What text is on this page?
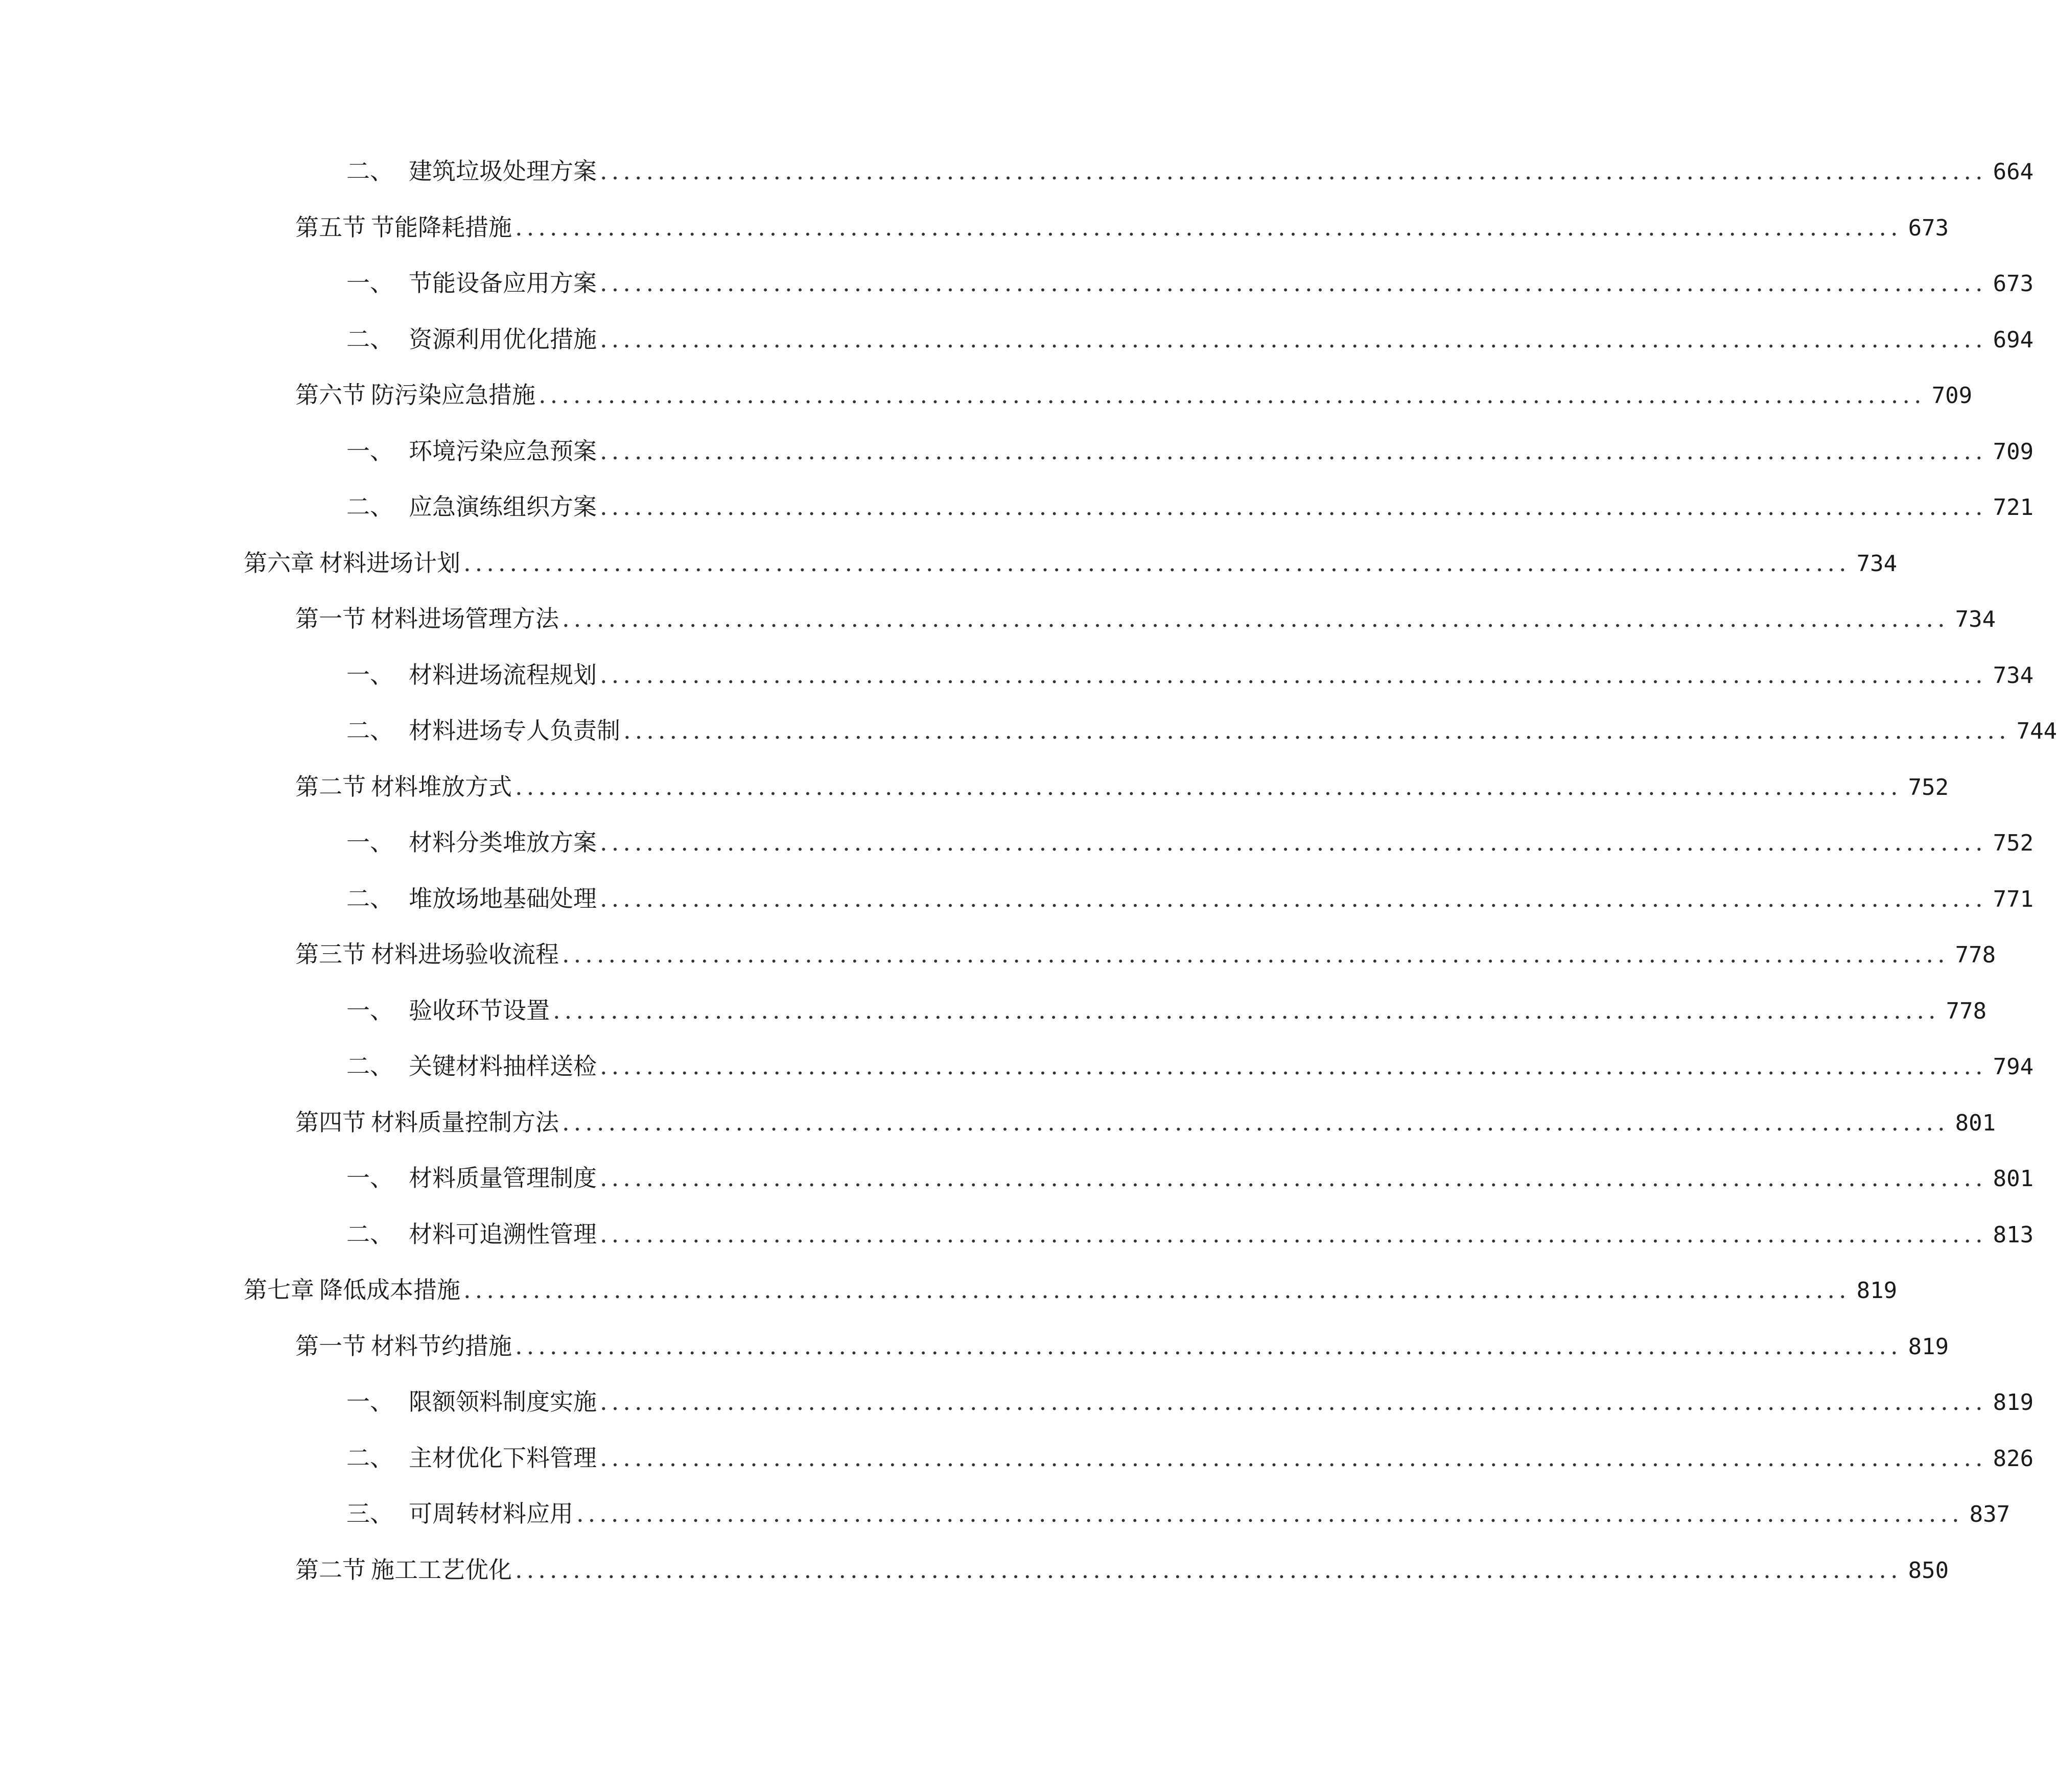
二、 建筑垃圾处理方案 ........................................................................................................................ 664
第五节 节能降耗措施 ........................................................................................................................ 673
一、 节能设备应用方案 ........................................................................................................................ 673
二、 资源利用优化措施 ........................................................................................................................ 694
第六节 防污染应急措施 ........................................................................................................................ 709
一、 环境污染应急预案 ........................................................................................................................ 709
二、 应急演练组织方案 ........................................................................................................................ 721
第六章 材料进场计划 ........................................................................................................................ 734
第一节 材料进场管理方法 ........................................................................................................................ 734
一、 材料进场流程规划 ........................................................................................................................ 734
二、 材料进场专人负责制 ........................................................................................................................ 744
第二节 材料堆放方式 ........................................................................................................................ 752
一、 材料分类堆放方案 ........................................................................................................................ 752
二、 堆放场地基础处理 ........................................................................................................................ 771
第三节 材料进场验收流程 ........................................................................................................................ 778
一、 验收环节设置 ........................................................................................................................ 778
二、 关键材料抽样送检 ........................................................................................................................ 794
第四节 材料质量控制方法 ........................................................................................................................ 801
一、 材料质量管理制度 ........................................................................................................................ 801
二、 材料可追溯性管理 ........................................................................................................................ 813
第七章 降低成本措施 ........................................................................................................................ 819
第一节 材料节约措施 ........................................................................................................................ 819
一、 限额领料制度实施 ........................................................................................................................ 819
二、 主材优化下料管理 ........................................................................................................................ 826
三、 可周转材料应用 ........................................................................................................................ 837
第二节 施工工艺优化 ........................................................................................................................ 850
